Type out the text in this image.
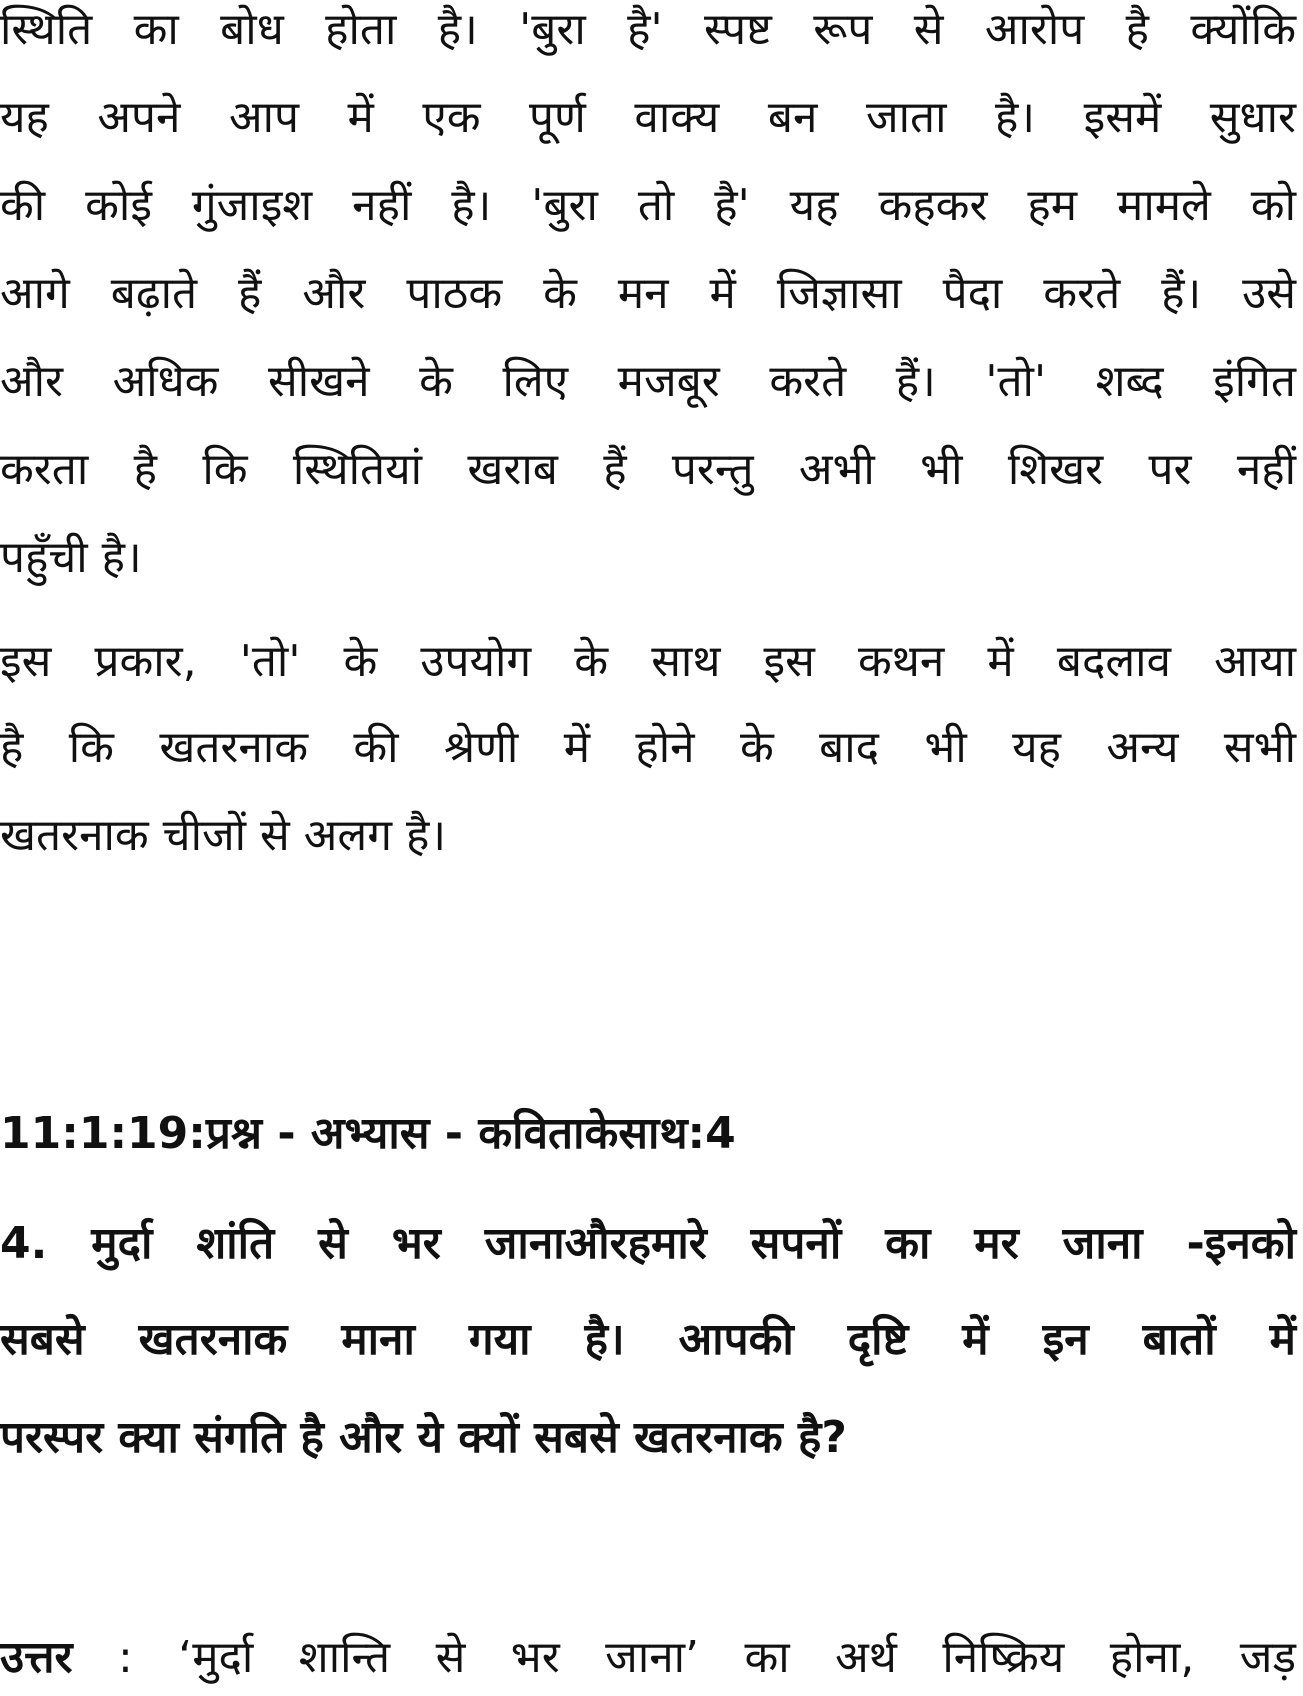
स्थिति का बोध होता है। 'बुरा है' स्पष्ट रूप से आरोप है क्योंकि

यह अपने आप में एक पूर्ण वाक्य बन जाता है। इसमें सुधार

की कोई गुंजाइश नहीं है। 'बुरा तो है' यह कहकर हम मामले को

आगे बढ़ाते हैं और पाठक के मन में जिज्ञासा पैदा करते हैं। उसे

और अधिक सीखने के लिए मजबूर करते हैं। 'तो' शब्द इंगित

करता है कि स्थितियां खराब हैं परन्तु अभी भी शिखर पर नहीं

पहुँची है।

इस प्रकार, 'तो' के उपयोग के साथ इस कथन में बदलाव आया

है कि खतरनाक की श्रेणी में होने के बाद भी यह अन्य सभी

खतरनाक चीजों से अलग है।

11:1:19:प्रश्न - अभ्यास - कविताकेसाथ:4

4. मुर्दा शांति से भर जानाऔरहमारे सपनों का मर जाना -इनको

सबसे खतरनाक माना गया है। आपकी दृष्टि में इन बातों में

परस्पर क्या संगति है और ये क्यों सबसे खतरनाक है?

उत्तर : ‘मुर्दा शान्ति से भर जाना’ का अर्थ निष्क्रिय होना, जड़
